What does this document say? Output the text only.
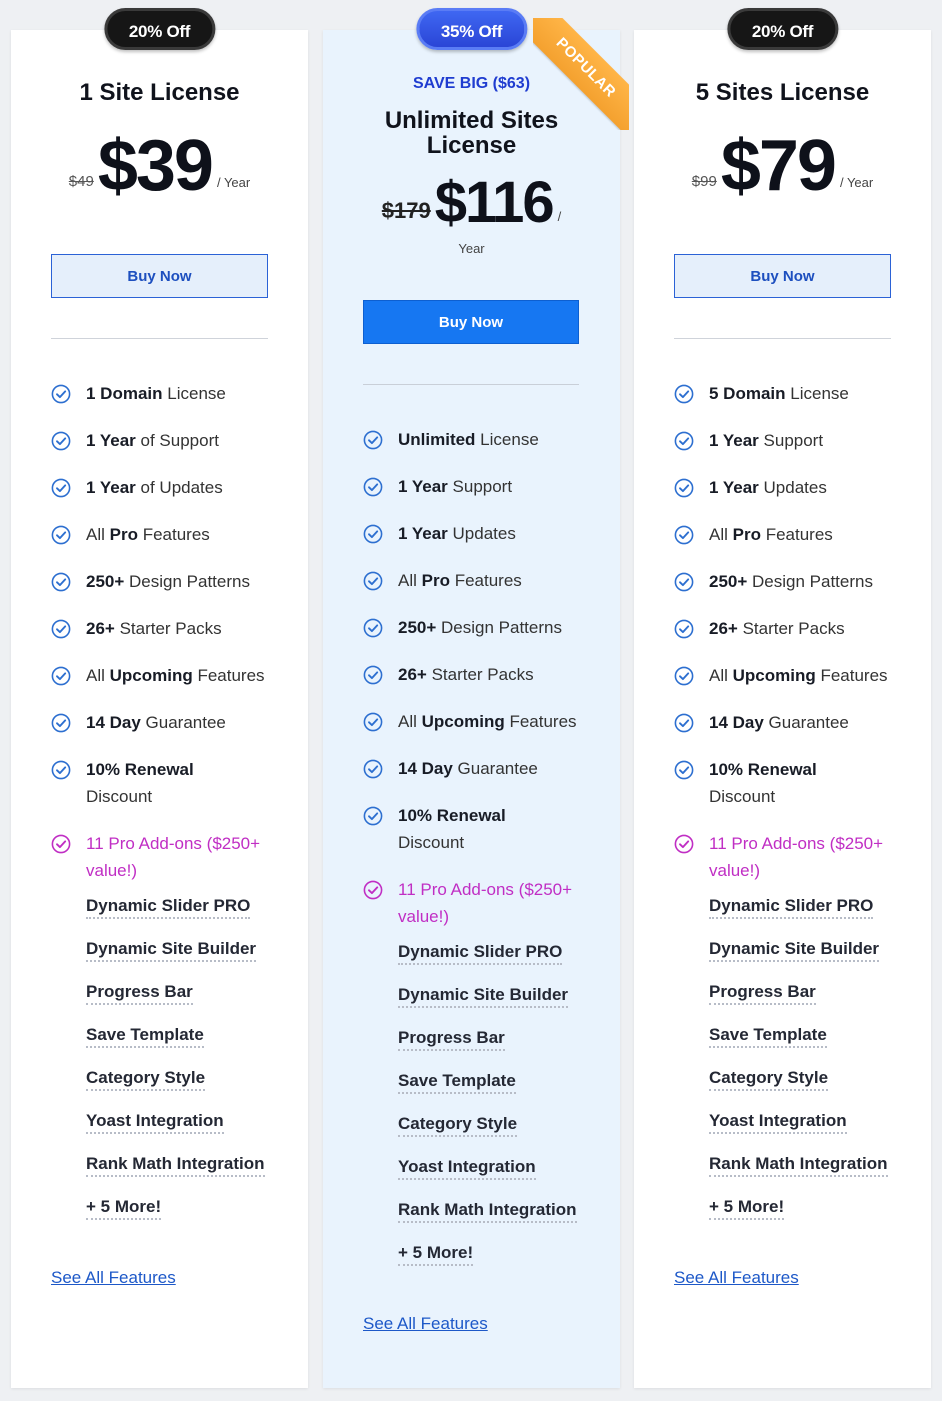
20% Off
1 Site License
$49 $39 / Year
Buy Now
1 Domain License
1 Year of Support
1 Year of Updates
All Pro Features
250+ Design Patterns
26+ Starter Packs
All Upcoming Features
14 Day Guarantee
10% Renewal
Discount
11 Pro Add-ons ($250+ value!)
Dynamic Slider PRO
Dynamic Site Builder
Progress Bar
Save Template
Category Style
Yoast Integration
Rank Math Integration
+ 5 More!
See All Features
35% Off
POPULAR
SAVE BIG ($63)
Unlimited Sites License
$179 $116 /
Year
Buy Now
Unlimited License
1 Year Support
1 Year Updates
All Pro Features
250+ Design Patterns
26+ Starter Packs
All Upcoming Features
14 Day Guarantee
10% Renewal
Discount
11 Pro Add-ons ($250+ value!)
Dynamic Slider PRO
Dynamic Site Builder
Progress Bar
Save Template
Category Style
Yoast Integration
Rank Math Integration
+ 5 More!
See All Features
20% Off
5 Sites License
$99 $79 / Year
Buy Now
5 Domain License
1 Year Support
1 Year Updates
All Pro Features
250+ Design Patterns
26+ Starter Packs
All Upcoming Features
14 Day Guarantee
10% Renewal
Discount
11 Pro Add-ons ($250+ value!)
Dynamic Slider PRO
Dynamic Site Builder
Progress Bar
Save Template
Category Style
Yoast Integration
Rank Math Integration
+ 5 More!
See All Features
